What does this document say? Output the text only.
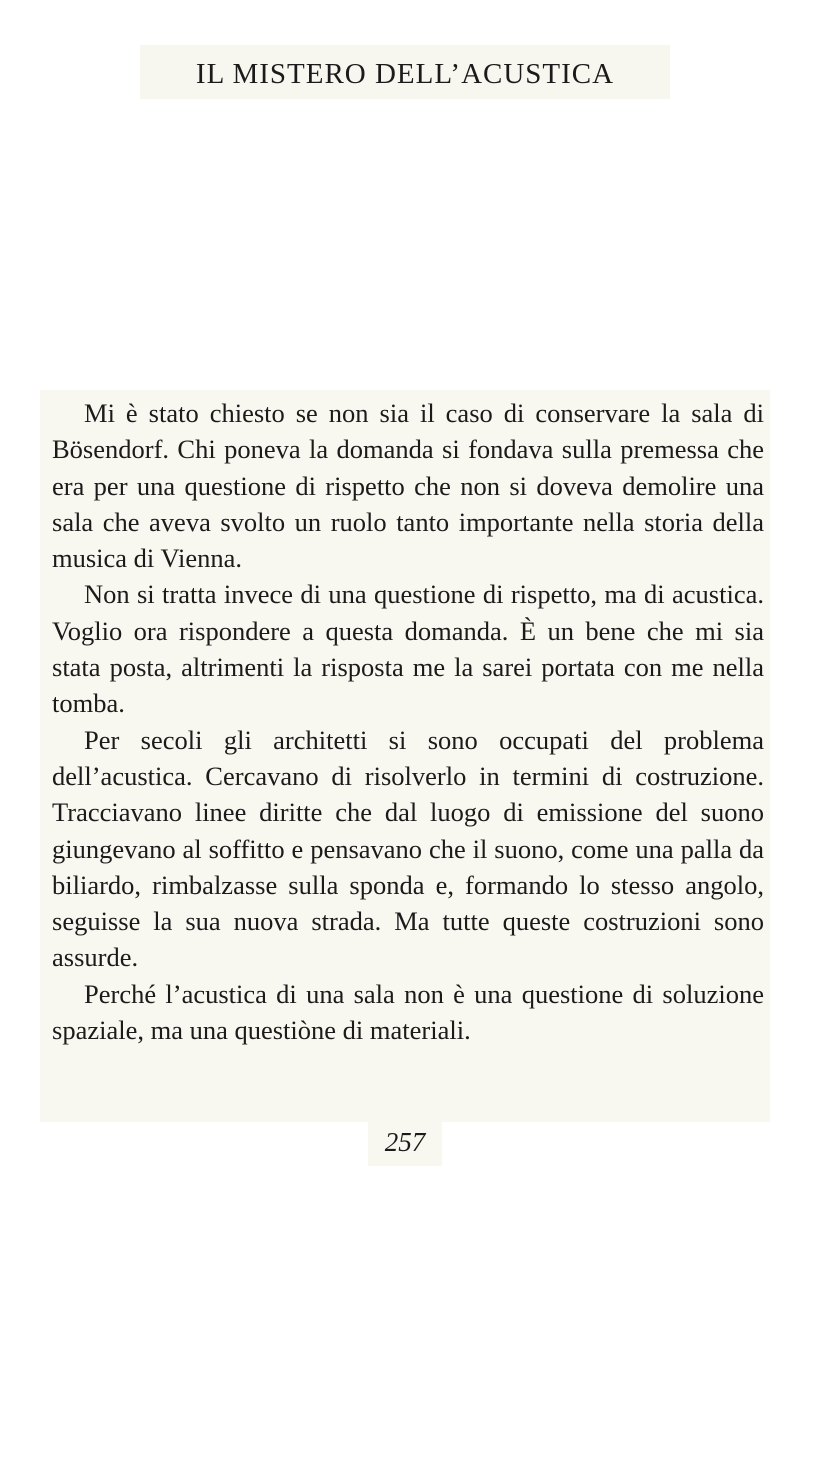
IL MISTERO DELL’ACUSTICA

Mi è stato chiesto se non sia il caso di conservare la sala di Bösendorf. Chi poneva la domanda si fondava sulla premessa che era per una questione di rispetto che non si doveva demolire una sala che aveva svolto un ruolo tanto importante nella storia della musica di Vienna.

Non si tratta invece di una questione di rispetto, ma di acustica. Voglio ora rispondere a questa domanda. È un bene che mi sia stata posta, altrimenti la risposta me la sarei portata con me nella tomba.

Per secoli gli architetti si sono occupati del problema dell’acustica. Cercavano di risolverlo in termini di costruzione. Tracciavano linee diritte che dal luogo di emissione del suono giungevano al soffitto e pensavano che il suono, come una palla da biliardo, rimbalzasse sulla sponda e, formando lo stesso angolo, seguisse la sua nuova strada. Ma tutte queste costruzioni sono assurde.

Perché l’acustica di una sala non è una questione di soluzione spaziale, ma una questiòne di materiali.

257
